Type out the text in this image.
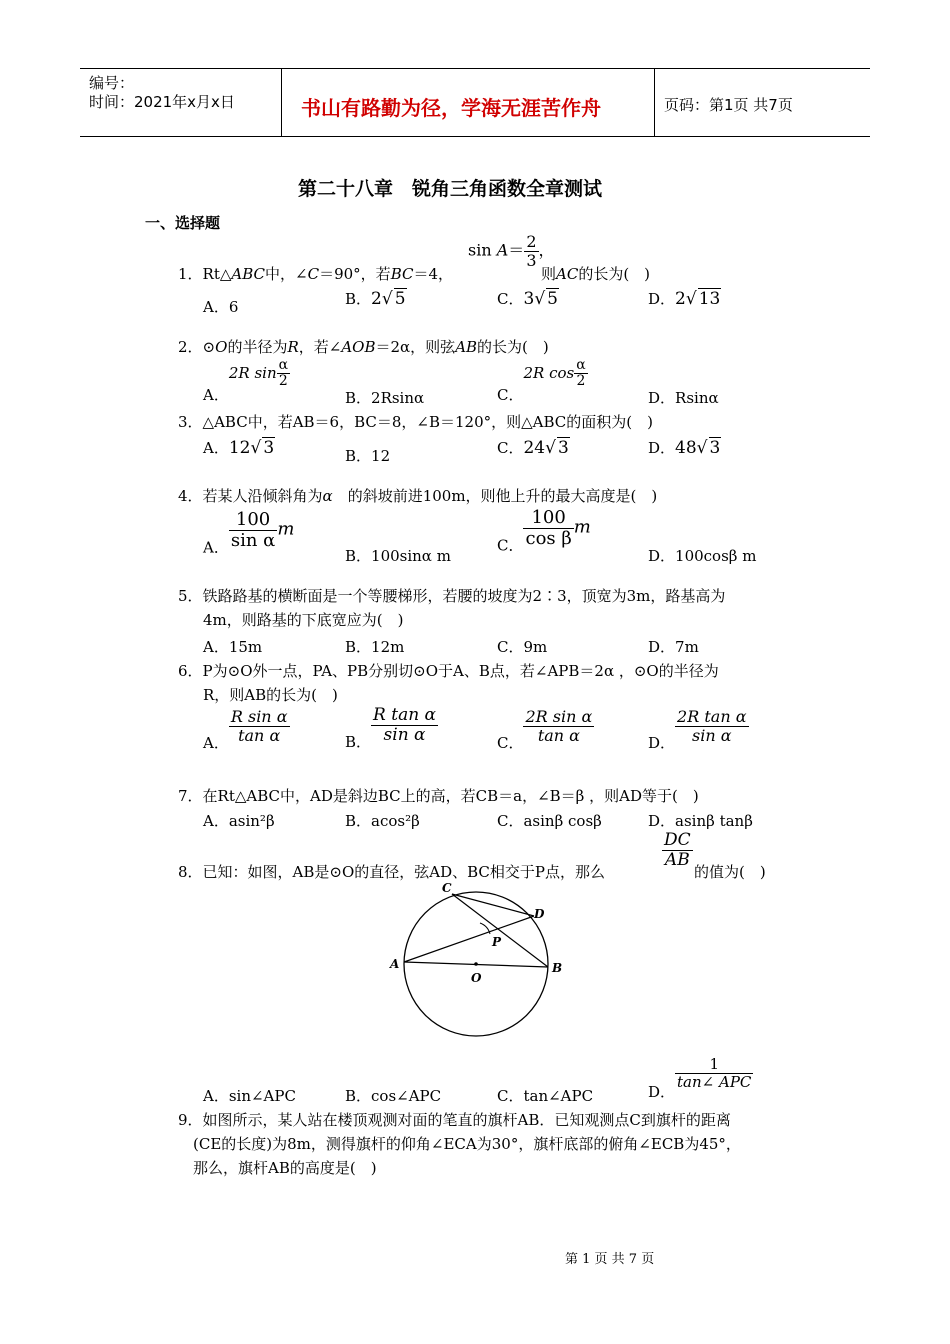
编号：
时间：2021年x月x日	书山有路勤为径，学海无涯苦作舟	页码：第1页 共7页
第二十八章　锐角三角函数全章测试
一、选择题
1．Rt△ABC中，∠C＝90°，若BC＝4，
$\sin A= \frac{2}{3}$ ，
则AC的长为(　)
A．6	B．2√ 5	C．3√ 5	D．2√ 13
2．⊙O的半径为R，若∠AOB＝2α，则弦AB的长为(　)
A．2R $\sin \frac{\alpha}{2}$
B．2Rsinα	C．2R $\cos \frac{\alpha}{2}$
D．Rsinα
3．△ABC中，若AB＝6，BC＝8，∠B＝120°，则△ABC的面积为(　)
A．12√ 3	B．12	C．24√ 3	D．48√ 3
4．若某人沿倾斜角为α　 的斜坡前进100m，则他上升的最大高度是(　)
A． $\frac{100}{\text{sin α}}$ m
B．100sinα m
C． $\frac{100}{\text{cos β}}$ m
D．100cosβ m
5．铁路路基的横断面是一个等腰梯形，若腰的坡度为2∶3，顶宽为3m，路基高为
4m，则路基的下底宽应为(　)
A．15m	B．12m	C．9m	D．7m
6．P为⊙O外一点，PA、PB分别切⊙O于A、B点，若∠APB＝2α ，⊙O的半径为
R，则AB的长为(　)
A． $\frac{\text{R sin α}}{\text{tan α}}$	B． $\frac{\text{R tan α}}{\text{sin α}}$	C． $\frac{\text{2R sin α}}{\text{tan α}}$	D． $\frac{\text{2R tan α}}{\text{sin α}}$
7．在Rt△ABC中，AD是斜边BC上的高，若CB＝a，∠B＝β ，则AD等于(　)
A．asin²β	B．acos²β	C．asinβ cosβ	D．asinβ tanβ
8．已知：如图，AB是⊙O的直径，弦AD、BC相交于P点，那么
$\frac{DC}{AB}$
的值为(　)
A	B
C
D
P
O
A．sin∠APC	B．cos∠APC	C．tan∠APC	D．
$\frac{1}{\text{tan∠ APC}}$
9．如图所示，某人站在楼顶观测对面的笔直的旗杆AB．已知观测点C到旗杆的距离
(CE的长度)为8m，测得旗杆的仰角∠ECA为30°，旗杆底部的俯角∠ECB为45°，
那么，旗杆AB的高度是(　)
第 1 页 共 7 页
